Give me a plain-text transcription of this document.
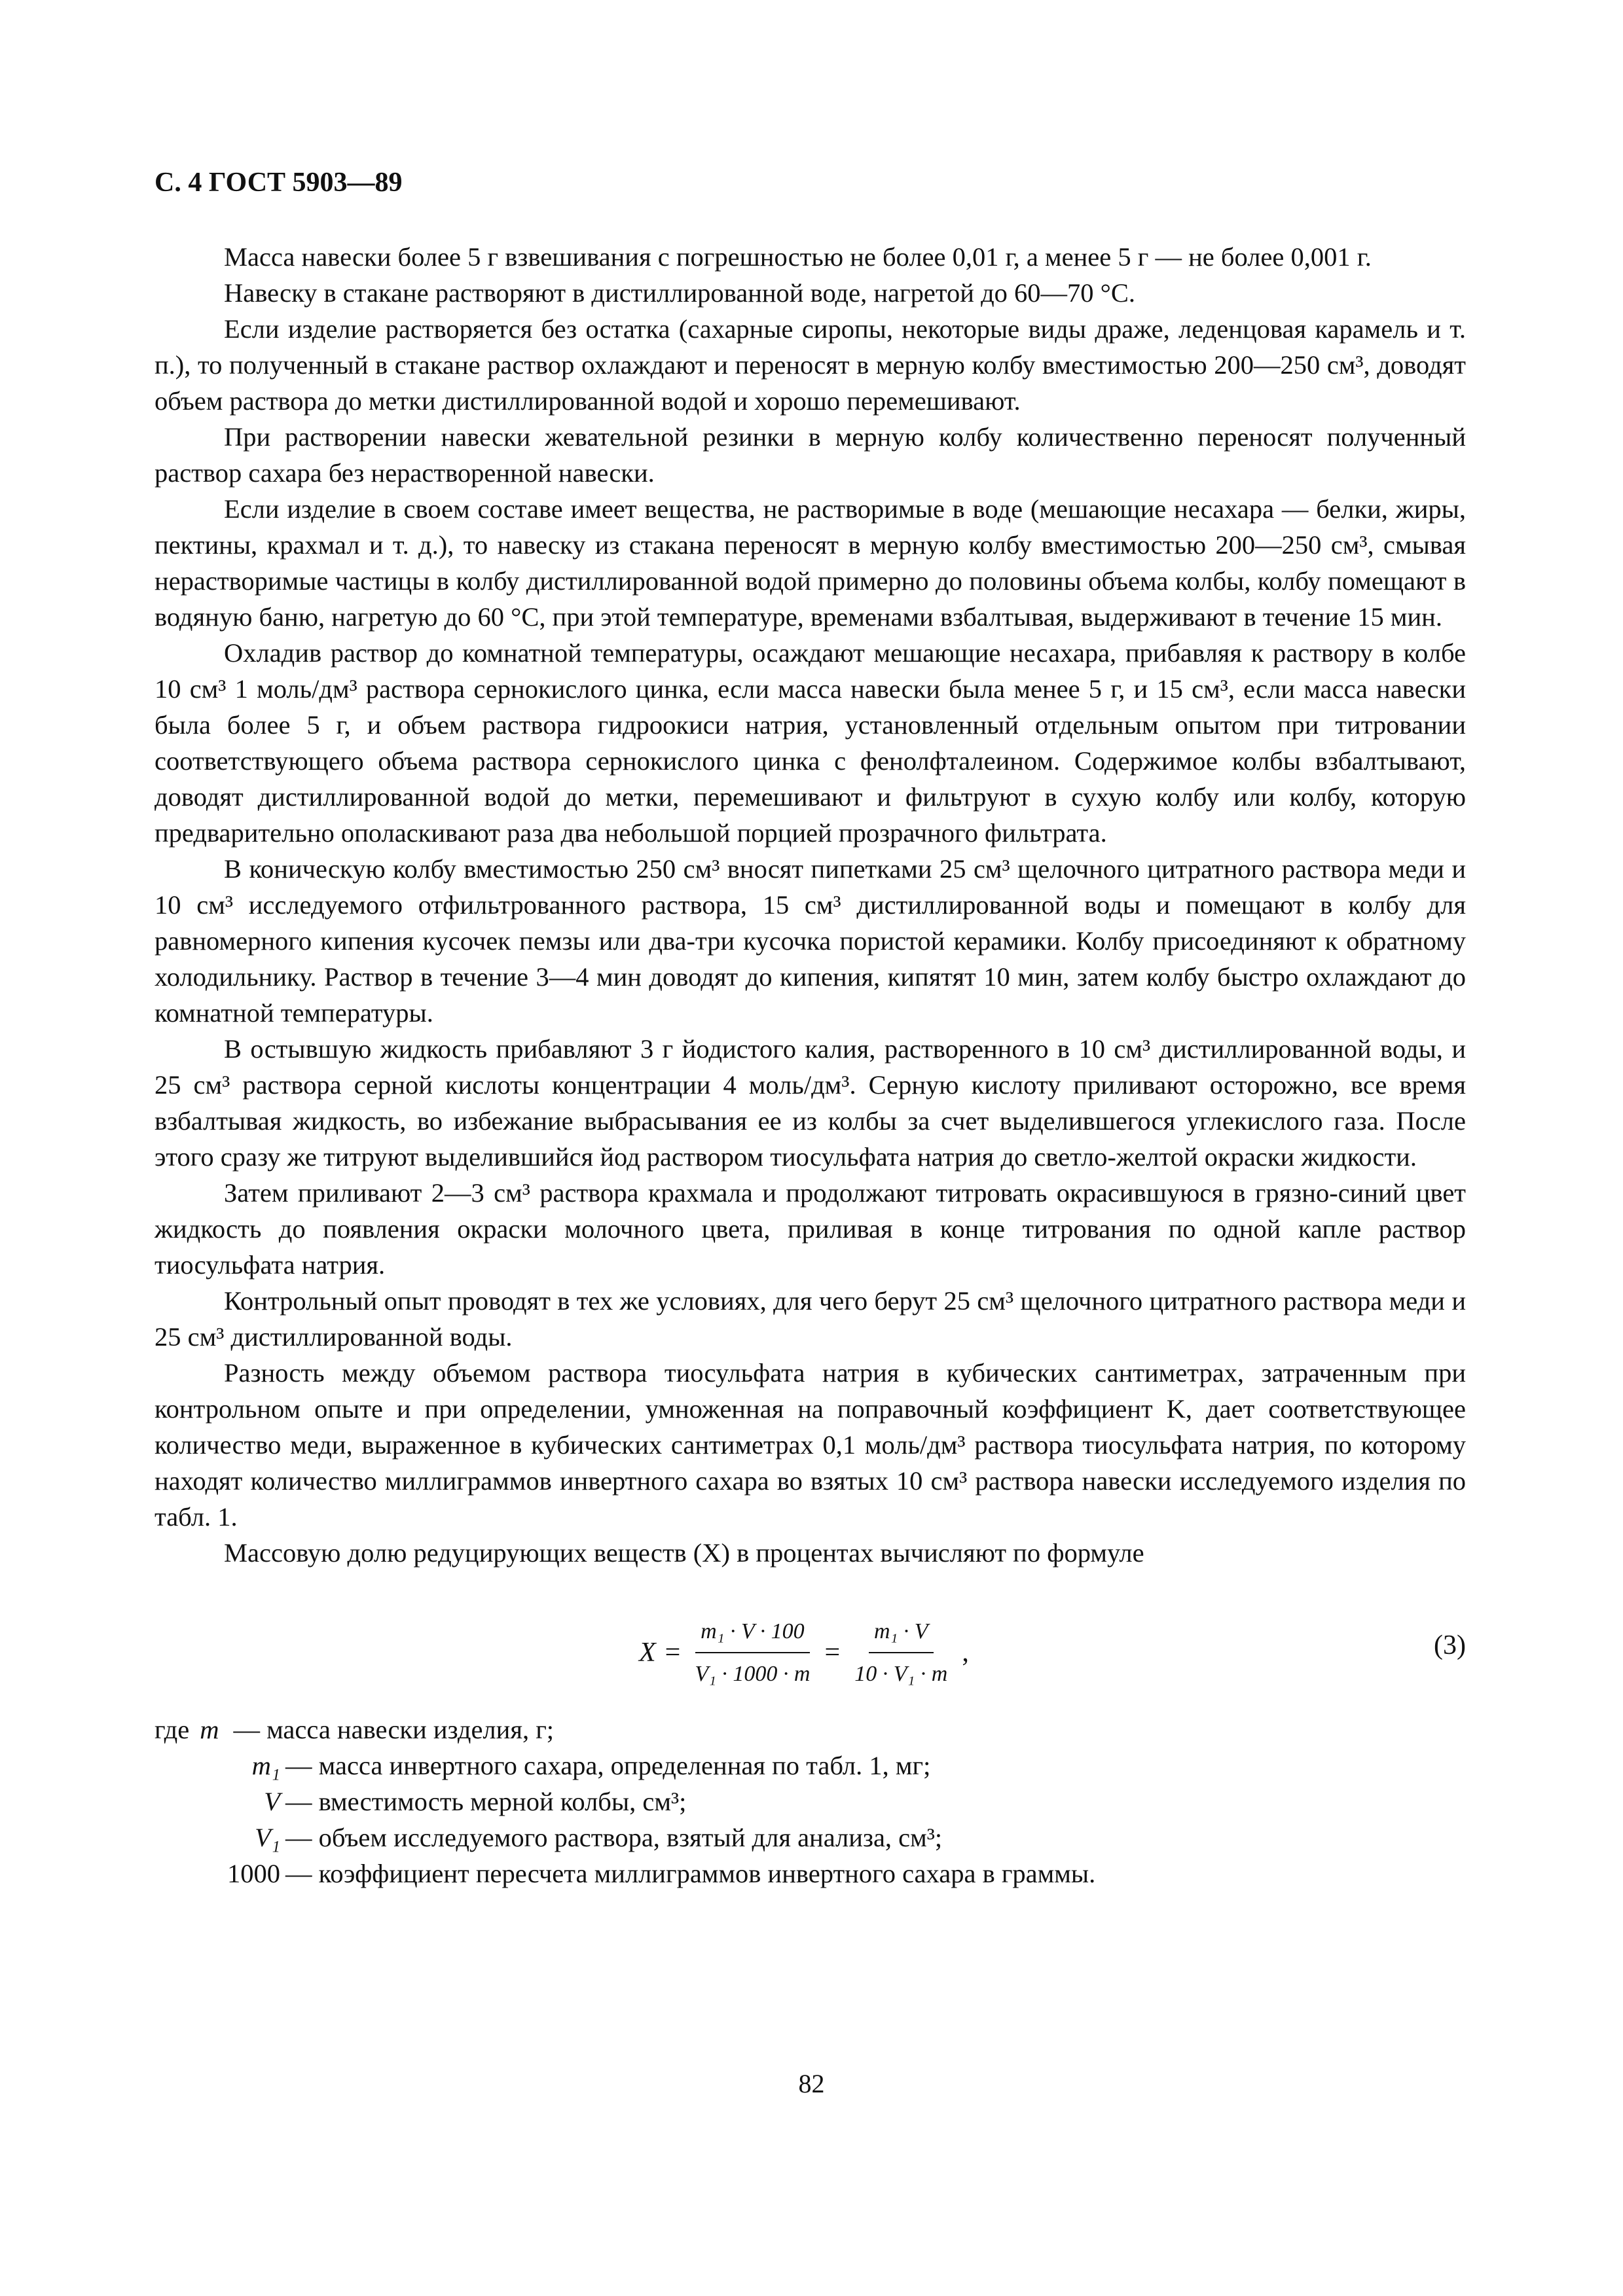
С. 4 ГОСТ 5903—89

Масса навески более 5 г взвешивания с погрешностью не более 0,01 г, а менее 5 г — не более 0,001 г.

Навеску в стакане растворяют в дистиллированной воде, нагретой до 60—70 °С.

Если изделие растворяется без остатка (сахарные сиропы, некоторые виды драже, леденцовая карамель и т. п.), то полученный в стакане раствор охлаждают и переносят в мерную колбу вместимостью 200—250 см³, доводят объем раствора до метки дистиллированной водой и хорошо перемешивают.

При растворении навески жевательной резинки в мерную колбу количественно переносят полученный раствор сахара без нерастворенной навески.

Если изделие в своем составе имеет вещества, не растворимые в воде (мешающие несахара — белки, жиры, пектины, крахмал и т. д.), то навеску из стакана переносят в мерную колбу вместимостью 200—250 см³, смывая нерастворимые частицы в колбу дистиллированной водой примерно до половины объема колбы, колбу помещают в водяную баню, нагретую до 60 °С, при этой температуре, временами взбалтывая, выдерживают в течение 15 мин.

Охладив раствор до комнатной температуры, осаждают мешающие несахара, прибавляя к раствору в колбе 10 см³ 1 моль/дм³ раствора сернокислого цинка, если масса навески была менее 5 г, и 15 см³, если масса навески была более 5 г, и объем раствора гидроокиси натрия, установленный отдельным опытом при титровании соответствующего объема раствора сернокислого цинка с фенолфталеином. Содержимое колбы взбалтывают, доводят дистиллированной водой до метки, перемешивают и фильтруют в сухую колбу или колбу, которую предварительно ополаскивают раза два небольшой порцией прозрачного фильтрата.

В коническую колбу вместимостью 250 см³ вносят пипетками 25 см³ щелочного цитратного раствора меди и 10 см³ исследуемого отфильтрованного раствора, 15 см³ дистиллированной воды и помещают в колбу для равномерного кипения кусочек пемзы или два-три кусочка пористой керамики. Колбу присоединяют к обратному холодильнику. Раствор в течение 3—4 мин доводят до кипения, кипятят 10 мин, затем колбу быстро охлаждают до комнатной температуры.

В остывшую жидкость прибавляют 3 г йодистого калия, растворенного в 10 см³ дистиллированной воды, и 25 см³ раствора серной кислоты концентрации 4 моль/дм³. Серную кислоту приливают осторожно, все время взбалтывая жидкость, во избежание выбрасывания ее из колбы за счет выделившегося углекислого газа. После этого сразу же титруют выделившийся йод раствором тиосульфата натрия до светло-желтой окраски жидкости.

Затем приливают 2—3 см³ раствора крахмала и продолжают титровать окрасившуюся в грязно-синий цвет жидкость до появления окраски молочного цвета, приливая в конце титрования по одной капле раствор тиосульфата натрия.

Контрольный опыт проводят в тех же условиях, для чего берут 25 см³ щелочного цитратного раствора меди и 25 см³ дистиллированной воды.

Разность между объемом раствора тиосульфата натрия в кубических сантиметрах, затраченным при контрольном опыте и при определении, умноженная на поправочный коэффициент K, дает соответствующее количество меди, выраженное в кубических сантиметрах 0,1 моль/дм³ раствора тиосульфата натрия, по которому находят количество миллиграммов инвертного сахара во взятых 10 см³ раствора навески исследуемого изделия по табл. 1.

Массовую долю редуцирующих веществ (X) в процентах вычисляют по формуле

$X = \frac{\text{m₁ · V · 100}}{\text{V₁ · 1000 · m}} = \frac{\text{m₁ · V}}{\text{10 · V₁ · m}}$ ,	(3)
где m — масса навески изделия, г;
m₁ — масса инвертного сахара, определенная по табл. 1, мг;
V — вместимость мерной колбы, см³;
V₁ — объем исследуемого раствора, взятый для анализа, см³;
1000 — коэффициент пересчета миллиграммов инвертного сахара в граммы.
82
